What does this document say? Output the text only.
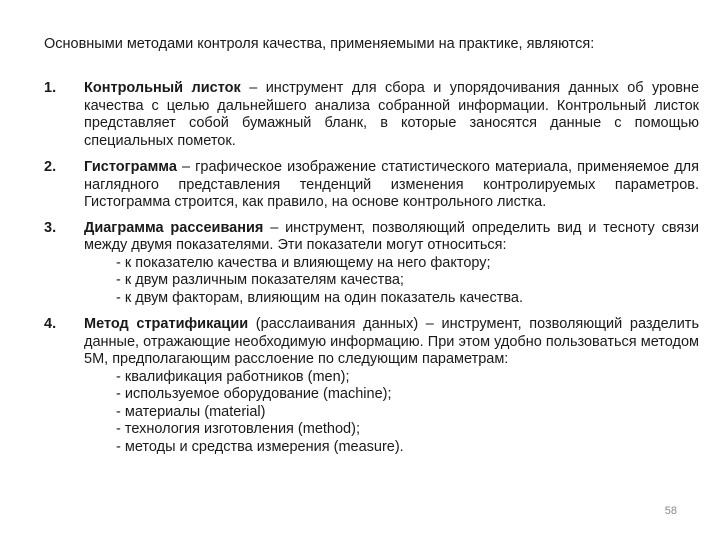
Основными методами контроля качества, применяемыми на практике, являются:
1.	Контрольный листок – инструмент для сбора и упорядочивания данных об уровне качества с целью дальнейшего анализа собранной информации. Контрольный листок представляет собой бумажный бланк, в которые заносятся данные с помощью специальных пометок.

2.	Гистограмма – графическое изображение статистического материала, применяемое для наглядного представления тенденций изменения контролируемых параметров. Гистограмма строится, как правило, на основе контрольного листка.

3.	Диаграмма рассеивания – инструмент, позволяющий определить вид и тесноту связи между двумя показателями. Эти показатели могут относиться:

- к показателю качества и влияющему на него фактору;

- к двум различным показателям качества;

- к двум факторам, влияющим на один показатель качества.

4.	Метод стратификации (расслаивания данных) – инструмент, позволяющий разделить данные, отражающие необходимую информацию. При этом удобно пользоваться методом 5М, предполагающим расслоение по следующим параметрам:

- квалификация работников (men);

- используемое оборудование (machine);

- материалы (material)

- технология изготовления (method);

- методы и средства измерения (measure).

58
